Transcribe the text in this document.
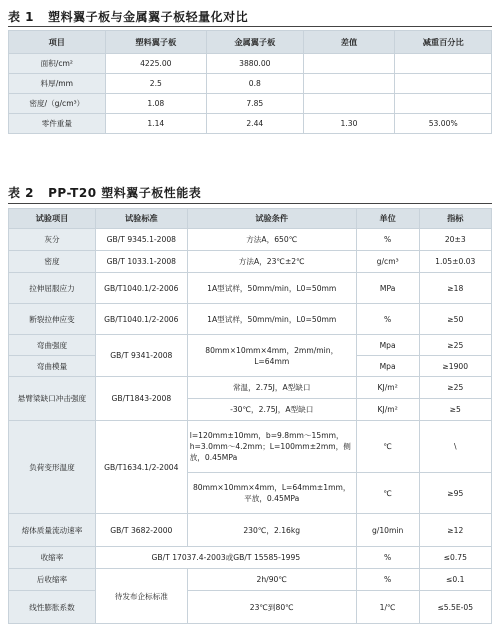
表 1 塑料翼子板与金属翼子板轻量化对比
项目	塑料翼子板	金属翼子板	差值	减重百分比
面积/cm²	4225.00	3880.00		
料厚/mm	2.5	0.8		
密度/（g/cm³）	1.08	7.85		
零件重量	1.14	2.44	1.30	53.00%
表 2 PP-T20 塑料翼子板性能表
试验项目	试验标准	试验条件	单位	指标
灰分	GB/T 9345.1-2008	方法A，650℃	%	20±3
密度	GB/T 1033.1-2008	方法A，23℃±2℃	g/cm³	1.05±0.03
拉伸屈服应力	GB/T1040.1/2-2006	1A型试样，50mm/min，L0=50mm	MPa	≥18
断裂拉伸应变	GB/T1040.1/2-2006	1A型试样，50mm/min，L0=50mm	%	≥50
弯曲强度	GB/T 9341-2008	80mm×10mm×4mm，2mm/min，L=64mm	Mpa	≥25
弯曲模量			Mpa	≥1900
悬臂梁缺口冲击强度	GB/T1843-2008	常温，2.75J，A型缺口	KJ/m²	≥25
		-30℃，2.75J，A型缺口	KJ/m²	≥5
负荷变形温度	GB/T1634.1/2-2004	l=120mm±10mm，b=9.8mm～15mm，h=3.0mm～4.2mm；L=100mm±2mm，侧放，0.45MPa	℃	\
		80mm×10mm×4mm，L=64mm±1mm，平放，0.45MPa	℃	≥95
熔体质量流动速率	GB/T 3682-2000	230℃，2.16kg	g/10min	≥12
收缩率	GB/T 17037.4-2003或GB/T 15585-1995		%	≤0.75
后收缩率	待发布企标标准	2h/90℃	%	≤0.1
线性膨胀系数		23℃到80℃	1/℃	≤5.5E-05
